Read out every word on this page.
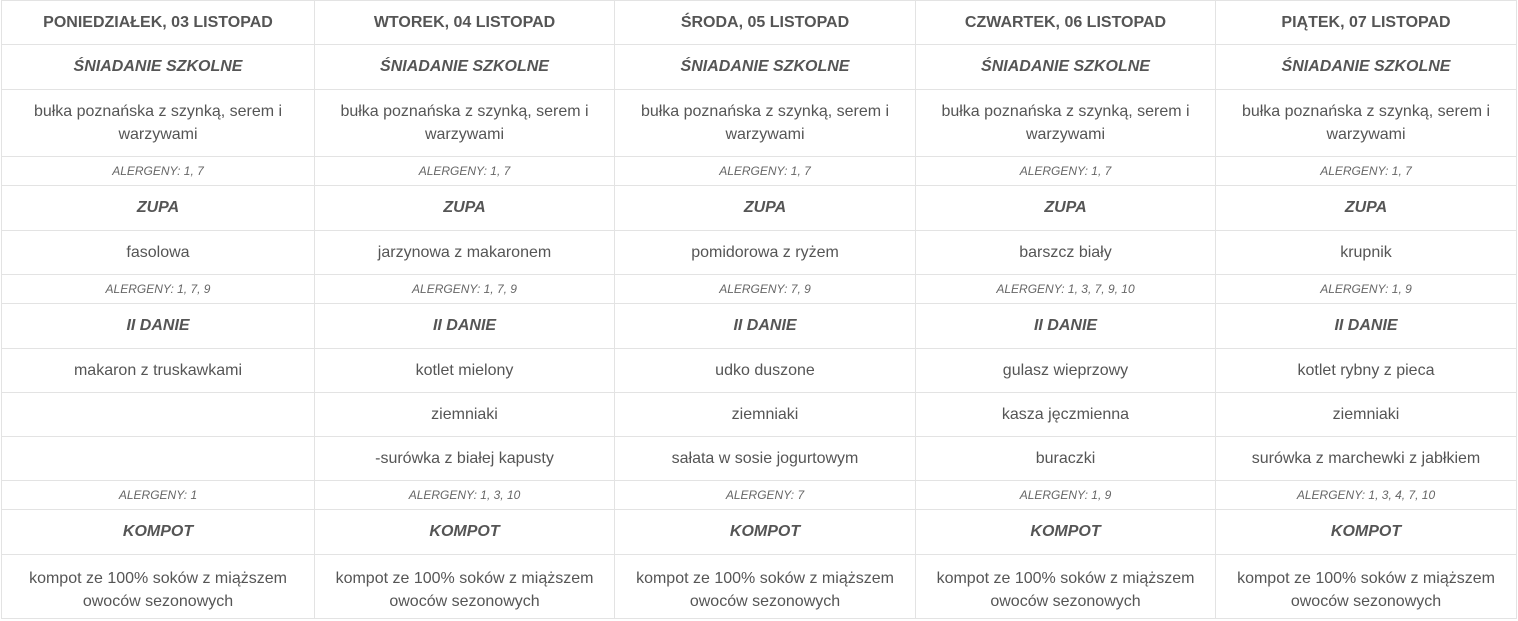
PONIEDZIAŁEK, 03 LISTOPAD	WTOREK, 04 LISTOPAD	ŚRODA, 05 LISTOPAD	CZWARTEK, 06 LISTOPAD	PIĄTEK, 07 LISTOPAD
ŚNIADANIE SZKOLNE	ŚNIADANIE SZKOLNE	ŚNIADANIE SZKOLNE	ŚNIADANIE SZKOLNE	ŚNIADANIE SZKOLNE
bułka poznańska z szynką, serem i warzywami	bułka poznańska z szynką, serem i warzywami	bułka poznańska z szynką, serem i warzywami	bułka poznańska z szynką, serem i warzywami	bułka poznańska z szynką, serem i warzywami
ALERGENY: 1, 7	ALERGENY: 1, 7	ALERGENY: 1, 7	ALERGENY: 1, 7	ALERGENY: 1, 7
ZUPA	ZUPA	ZUPA	ZUPA	ZUPA
fasolowa	jarzynowa z makaronem	pomidorowa z ryżem	barszcz biały	krupnik
ALERGENY: 1, 7, 9	ALERGENY: 1, 7, 9	ALERGENY: 7, 9	ALERGENY: 1, 3, 7, 9, 10	ALERGENY: 1, 9
II DANIE	II DANIE	II DANIE	II DANIE	II DANIE
makaron z truskawkami	kotlet mielony	udko duszone	gulasz wieprzowy	kotlet rybny z pieca
	ziemniaki	ziemniaki	kasza jęczmienna	ziemniaki
	-surówka z białej kapusty	sałata w sosie jogurtowym	buraczki	surówka z marchewki z jabłkiem
ALERGENY: 1	ALERGENY: 1, 3, 10	ALERGENY: 7	ALERGENY: 1, 9	ALERGENY: 1, 3, 4, 7, 10
KOMPOT	KOMPOT	KOMPOT	KOMPOT	KOMPOT
kompot ze 100% soków z miąższem owoców sezonowych	kompot ze 100% soków z miąższem owoców sezonowych	kompot ze 100% soków z miąższem owoców sezonowych	kompot ze 100% soków z miąższem owoców sezonowych	kompot ze 100% soków z miąższem owoców sezonowych
